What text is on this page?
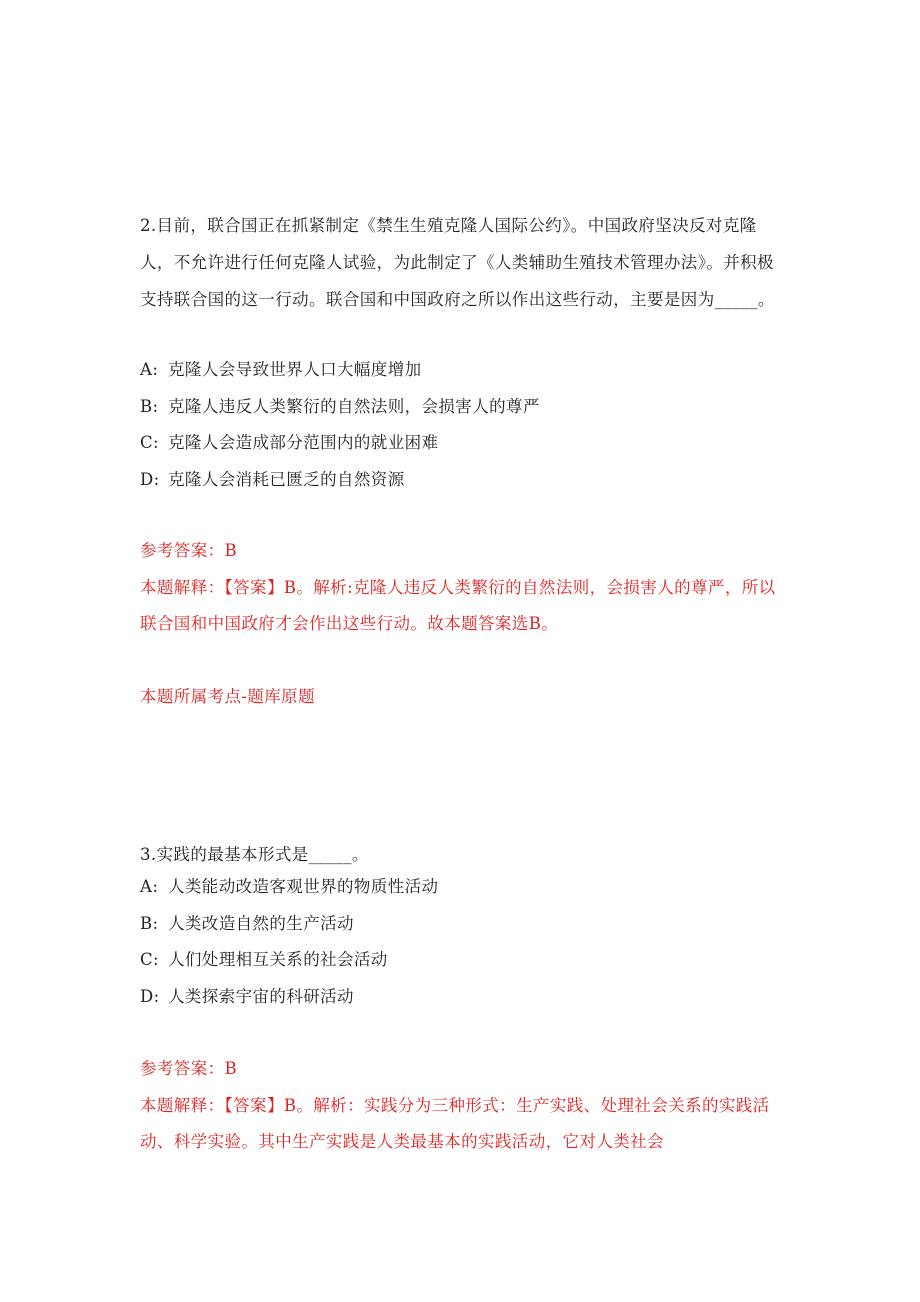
2.目前，联合国正在抓紧制定《禁生生殖克隆人国际公约》。中国政府坚决反对克隆人，不允许进行任何克隆人试验，为此制定了《人类辅助生殖技术管理办法》。并积极支持联合国的这一行动。联合国和中国政府之所以作出这些行动，主要是因为_____。

A: 克隆人会导致世界人口大幅度增加

B: 克隆人违反人类繁衍的自然法则，会损害人的尊严

C: 克隆人会造成部分范围内的就业困难

D: 克隆人会消耗已匮乏的自然资源

参考答案：B

本题解释：【答案】B。解析:克隆人违反人类繁衍的自然法则，会损害人的尊严，所以联合国和中国政府才会作出这些行动。故本题答案选B。

本题所属考点-题库原题

3.实践的最基本形式是_____。

A: 人类能动改造客观世界的物质性活动

B: 人类改造自然的生产活动

C: 人们处理相互关系的社会活动

D: 人类探索宇宙的科研活动

参考答案：B

本题解释：【答案】B。解析：实践分为三种形式：生产实践、处理社会关系的实践活动、科学实验。其中生产实践是人类最基本的实践活动，它对人类社会
